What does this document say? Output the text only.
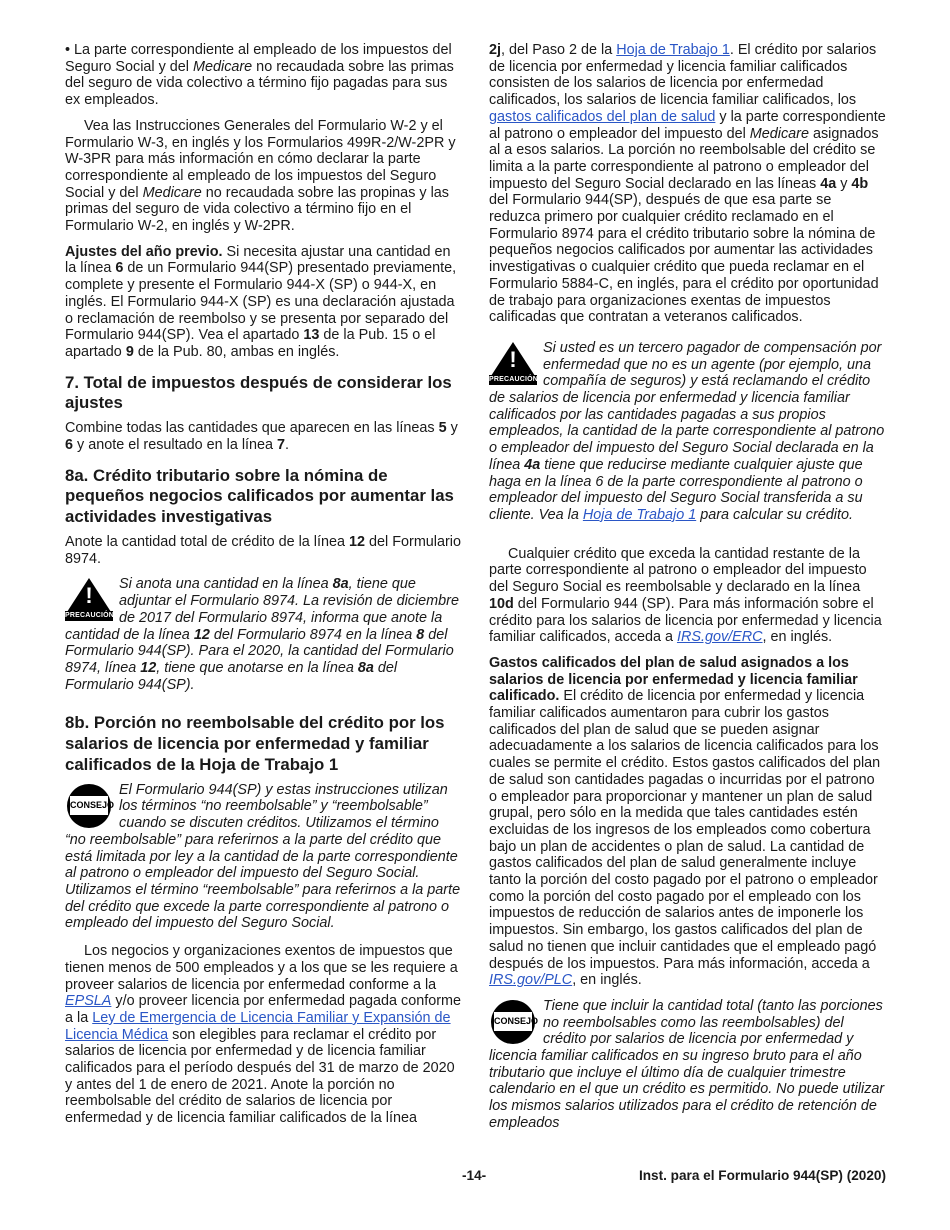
• La parte correspondiente al empleado de los impuestos del Seguro Social y del Medicare no recaudada sobre las primas del seguro de vida colectivo a término fijo pagadas para sus ex empleados.

Vea las Instrucciones Generales del Formulario W-2 y el Formulario W-3, en inglés y los Formularios 499R-2/W-2PR y W-3PR para más información en cómo declarar la parte correspondiente al empleado de los impuestos del Seguro Social y del Medicare no recaudada sobre las propinas y las primas del seguro de vida colectivo a término fijo en el Formulario W-2, en inglés y W-2PR.

Ajustes del año previo. Si necesita ajustar una cantidad en la línea 6 de un Formulario 944(SP) presentado previamente, complete y presente el Formulario 944-X (SP) o 944-X, en inglés. El Formulario 944-X (SP) es una declaración ajustada o reclamación de reembolso y se presenta por separado del Formulario 944(SP). Vea el apartado 13 de la Pub. 15 o el apartado 9 de la Pub. 80, ambas en inglés.

7. Total de impuestos después de considerar los ajustes

Combine todas las cantidades que aparecen en las líneas 5 y 6 y anote el resultado en la línea 7.

8a. Crédito tributario sobre la nómina de pequeños negocios calificados por aumentar las actividades investigativas

Anote la cantidad total de crédito de la línea 12 del Formulario 8974.

!
PRECAUCIÓN
Si anota una cantidad en la línea 8a, tiene que adjuntar el Formulario 8974. La revisión de diciembre de 2017 del Formulario 8974, informa que anote la cantidad de la línea 12 del Formulario 8974 en la línea 8 del Formulario 944(SP). Para el 2020, la cantidad del Formulario 8974, línea 12, tiene que anotarse en la línea 8a del Formulario 944(SP).
8b. Porción no reembolsable del crédito por los salarios de licencia por enfermedad y familiar calificados de la Hoja de Trabajo 1
CONSEJO
El Formulario 944(SP) y estas instrucciones utilizan los términos “no reembolsable” y “reembolsable” cuando se discuten créditos. Utilizamos el término “no reembolsable” para referirnos a la parte del crédito que está limitada por ley a la cantidad de la parte correspondiente al patrono o empleador del impuesto del Seguro Social. Utilizamos el término “reembolsable” para referirnos a la parte del crédito que excede la parte correspondiente al patrono o empleado del impuesto del Seguro Social.

Los negocios y organizaciones exentos de impuestos que tienen menos de 500 empleados y a los que se les requiere a proveer salarios de licencia por enfermedad conforme a la EPSLA y/o proveer licencia por enfermedad pagada conforme a la Ley de Emergencia de Licencia Familiar y Expansión de Licencia Médica son elegibles para reclamar el crédito por salarios de licencia por enfermedad y de licencia familiar calificados para el período después del 31 de marzo de 2020 y antes del 1 de enero de 2021. Anote la porción no reembolsable del crédito de salarios de licencia por enfermedad y de licencia familiar calificados de la línea

2j, del Paso 2 de la Hoja de Trabajo 1. El crédito por salarios de licencia por enfermedad y licencia familiar calificados consisten de los salarios de licencia por enfermedad calificados, los salarios de licencia familiar calificados, los gastos calificados del plan de salud y la parte correspondiente al patrono o empleador del impuesto del Medicare asignados al a esos salarios. La porción no reembolsable del crédito se limita a la parte correspondiente al patrono o empleador del impuesto del Seguro Social declarado en las líneas 4a y 4b del Formulario 944(SP), después de que esa parte se reduzca primero por cualquier crédito reclamado en el Formulario 8974 para el crédito tributario sobre la nómina de pequeños negocios calificados por aumentar las actividades investigativas o cualquier crédito que pueda reclamar en el Formulario 5884-C, en inglés, para el crédito por oportunidad de trabajo para organizaciones exentas de impuestos calificadas que contratan a veteranos calificados.

!
PRECAUCIÓN
Si usted es un tercero pagador de compensación por enfermedad que no es un agente (por ejemplo, una compañía de seguros) y está reclamando el crédito de salarios de licencia por enfermedad y licencia familiar calificados por las cantidades pagadas a sus propios empleados, la cantidad de la parte correspondiente al patrono o empleador del impuesto del Seguro Social declarada en la línea 4a tiene que reducirse mediante cualquier ajuste que haga en la línea 6 de la parte correspondiente al patrono o empleador del impuesto del Seguro Social transferida a su cliente. Vea la Hoja de Trabajo 1 para calcular su crédito.

Cualquier crédito que exceda la cantidad restante de la parte correspondiente al patrono o empleador del impuesto del Seguro Social es reembolsable y declarado en la línea 10d del Formulario 944 (SP). Para más información sobre el crédito para los salarios de licencia por enfermedad y licencia familiar calificados, acceda a IRS.gov/ERC, en inglés.

Gastos calificados del plan de salud asignados a los salarios de licencia por enfermedad y licencia familiar calificado. El crédito de licencia por enfermedad y licencia familiar calificados aumentaron para cubrir los gastos calificados del plan de salud que se pueden asignar adecuadamente a los salarios de licencia calificados para los cuales se permite el crédito. Estos gastos calificados del plan de salud son cantidades pagadas o incurridas por el patrono o empleador para proporcionar y mantener un plan de salud grupal, pero sólo en la medida que tales cantidades estén excluidas de los ingresos de los empleados como cobertura bajo un plan de accidentes o plan de salud. La cantidad de gastos calificados del plan de salud generalmente incluye tanto la porción del costo pagado por el patrono o empleador como la porción del costo pagado por el empleado con los impuestos de reducción de salarios antes de imponerle los impuestos. Sin embargo, los gastos calificados del plan de salud no tienen que incluir cantidades que el empleado pagó después de los impuestos. Para más información, acceda a IRS.gov/PLC, en inglés.

CONSEJO
Tiene que incluir la cantidad total (tanto las porciones no reembolsables como las reembolsables) del crédito por salarios de licencia por enfermedad y licencia familiar calificados en su ingreso bruto para el año tributario que incluye el último día de cualquier trimestre calendario en el que un crédito es permitido. No puede utilizar los mismos salarios utilizados para el crédito de retención de empleados
-14-	Inst. para el Formulario 944(SP) (2020)
